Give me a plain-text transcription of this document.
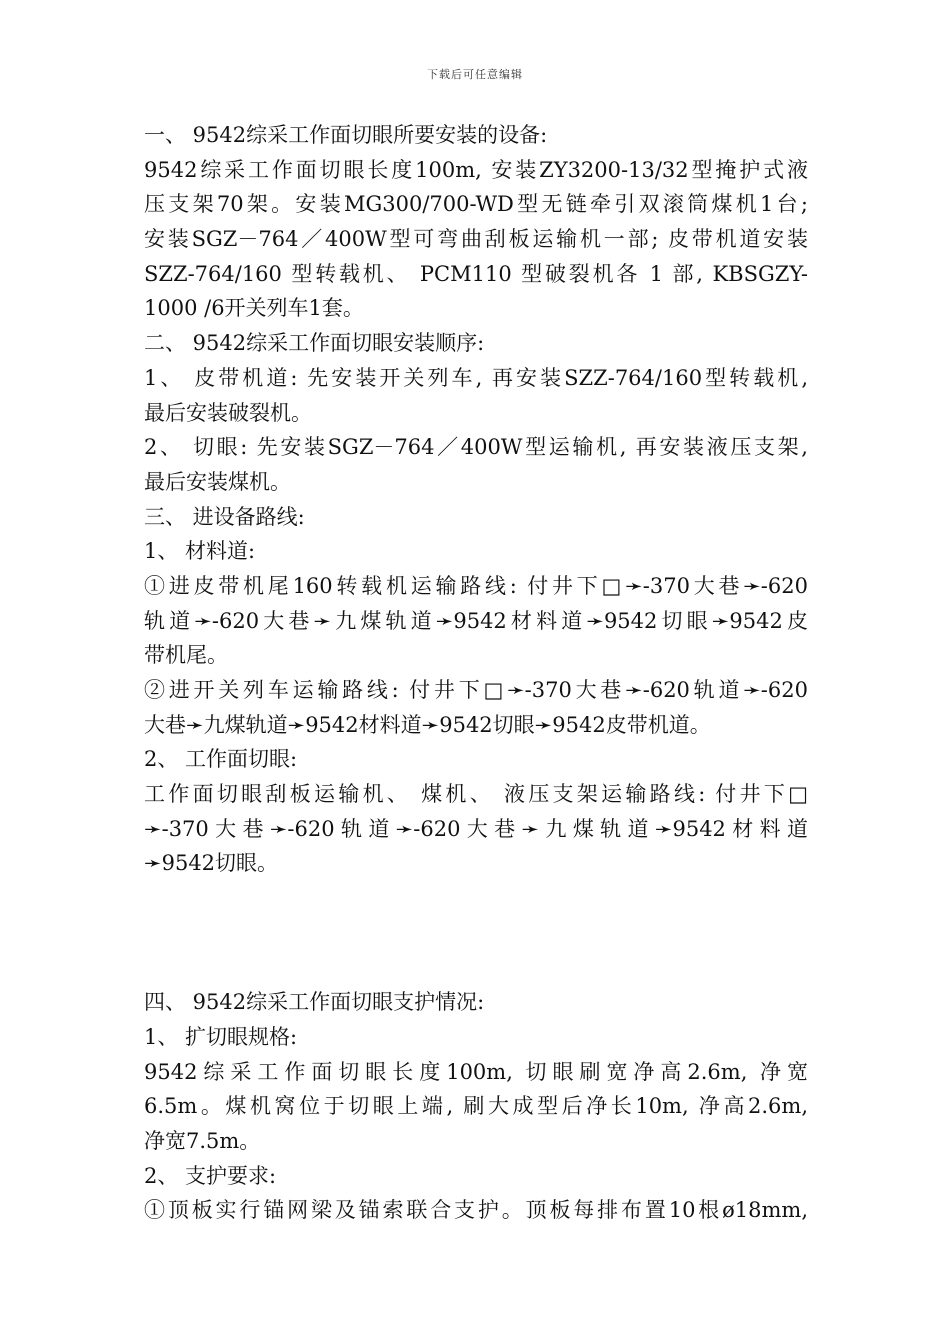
下载后可任意编辑
一、 9542综采工作面切眼所要安装的设备:
9542综采工作面切眼长度100m, 安装ZY3200-13/32型掩护式液
压支架70架。安装MG300/700-WD型无链牵引双滚筒煤机1台;
安装SGZ－764／400W型可弯曲刮板运输机一部; 皮带机道安装
SZZ-764/160 型转载机、 PCM110 型破裂机各 1 部, KBSGZY-
1000 /6开关列车1套。
二、 9542综采工作面切眼安装顺序:
1、 皮带机道: 先安装开关列车, 再安装SZZ-764/160型转载机,
最后安装破裂机。
2、 切眼: 先安装SGZ－764／400W型运输机, 再安装液压支架,
最后安装煤机。
三、 进设备路线:
1、 材料道:
①进皮带机尾160转载机运输路线: 付井下□➛-370大巷➛-620
轨道➛-620大巷➛九煤轨道➛9542材料道➛9542切眼➛9542皮
带机尾。
②进开关列车运输路线: 付井下□➛-370大巷➛-620轨道➛-620
大巷➛九煤轨道➛9542材料道➛9542切眼➛9542皮带机道。
2、 工作面切眼:
工作面切眼刮板运输机、 煤机、 液压支架运输路线: 付井下□
➛-370大巷➛-620轨道➛-620大巷➛九煤轨道➛9542材料道
➛9542切眼。
四、 9542综采工作面切眼支护情况:
1、 扩切眼规格:
9542综采工作面切眼长度100m, 切眼刷宽净高2.6m, 净宽
6.5m。煤机窝位于切眼上端, 刷大成型后净长10m, 净高2.6m,
净宽7.5m。
2、 支护要求:
①顶板实行锚网梁及锚索联合支护。顶板每排布置10根ø18mm,
